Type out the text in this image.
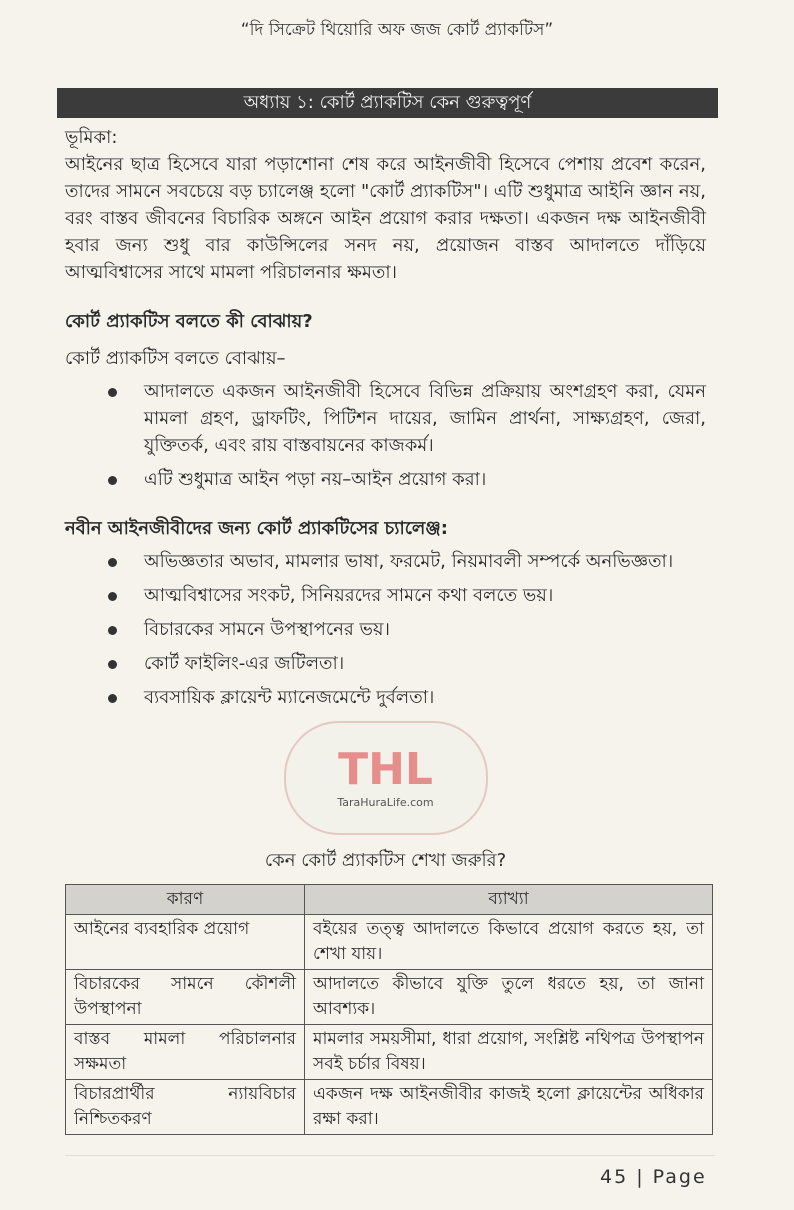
“দি সিক্রেট থিয়োরি অফ জজ কোর্ট প্র্যাকটিস”
অধ্যায় ১: কোর্ট প্র্যাকটিস কেন গুরুত্বপূর্ণ
ভূমিকা:
আইনের ছাত্র হিসেবে যারা পড়াশোনা শেষ করে আইনজীবী হিসেবে পেশায় প্রবেশ করেন, তাদের সামনে সবচেয়ে বড় চ্যালেঞ্জ হলো "কোর্ট প্র্যাকটিস"। এটি শুধুমাত্র আইনি জ্ঞান নয়, বরং বাস্তব জীবনের বিচারিক অঙ্গনে আইন প্রয়োগ করার দক্ষতা। একজন দক্ষ আইনজীবী হবার জন্য শুধু বার কাউন্সিলের সনদ নয়, প্রয়োজন বাস্তব আদালতে দাঁড়িয়ে আত্মবিশ্বাসের সাথে মামলা পরিচালনার ক্ষমতা।
কোর্ট প্র্যাকটিস বলতে কী বোঝায়?
কোর্ট প্র্যাকটিস বলতে বোঝায়–
আদালতে একজন আইনজীবী হিসেবে বিভিন্ন প্রক্রিয়ায় অংশগ্রহণ করা, যেমন মামলা গ্রহণ, ড্রাফটিং, পিটিশন দায়ের, জামিন প্রার্থনা, সাক্ষ্যগ্রহণ, জেরা, যুক্তিতর্ক, এবং রায় বাস্তবায়নের কাজকর্ম।
এটি শুধুমাত্র আইন পড়া নয়–আইন প্রয়োগ করা।
নবীন আইনজীবীদের জন্য কোর্ট প্র্যাকটিসের চ্যালেঞ্জ:
অভিজ্ঞতার অভাব, মামলার ভাষা, ফরমেট, নিয়মাবলী সম্পর্কে অনভিজ্ঞতা।
আত্মবিশ্বাসের সংকট, সিনিয়রদের সামনে কথা বলতে ভয়।
বিচারকের সামনে উপস্থাপনের ভয়।
কোর্ট ফাইলিং-এর জটিলতা।
ব্যবসায়িক ক্লায়েন্ট ম্যানেজমেন্টে দুর্বলতা।
THL
TaraHuraLife.com
কেন কোর্ট প্র্যাকটিস শেখা জরুরি?
কারণ	ব্যাখ্যা
আইনের ব্যবহারিক প্রয়োগ	বইয়ের তত্ত্ব আদালতে কিভাবে প্রয়োগ করতে হয়, তা শেখা যায়।
বিচারকের সামনে কৌশলী উপস্থাপনা	আদালতে কীভাবে যুক্তি তুলে ধরতে হয়, তা জানা আবশ্যক।
বাস্তব মামলা পরিচালনার সক্ষমতা	মামলার সময়সীমা, ধারা প্রয়োগ, সংশ্লিষ্ট নথিপত্র উপস্থাপন সবই চর্চার বিষয়।
বিচারপ্রার্থীর ন্যায়বিচার নিশ্চিতকরণ	একজন দক্ষ আইনজীবীর কাজই হলো ক্লায়েন্টের অধিকার রক্ষা করা।
45 | Page
